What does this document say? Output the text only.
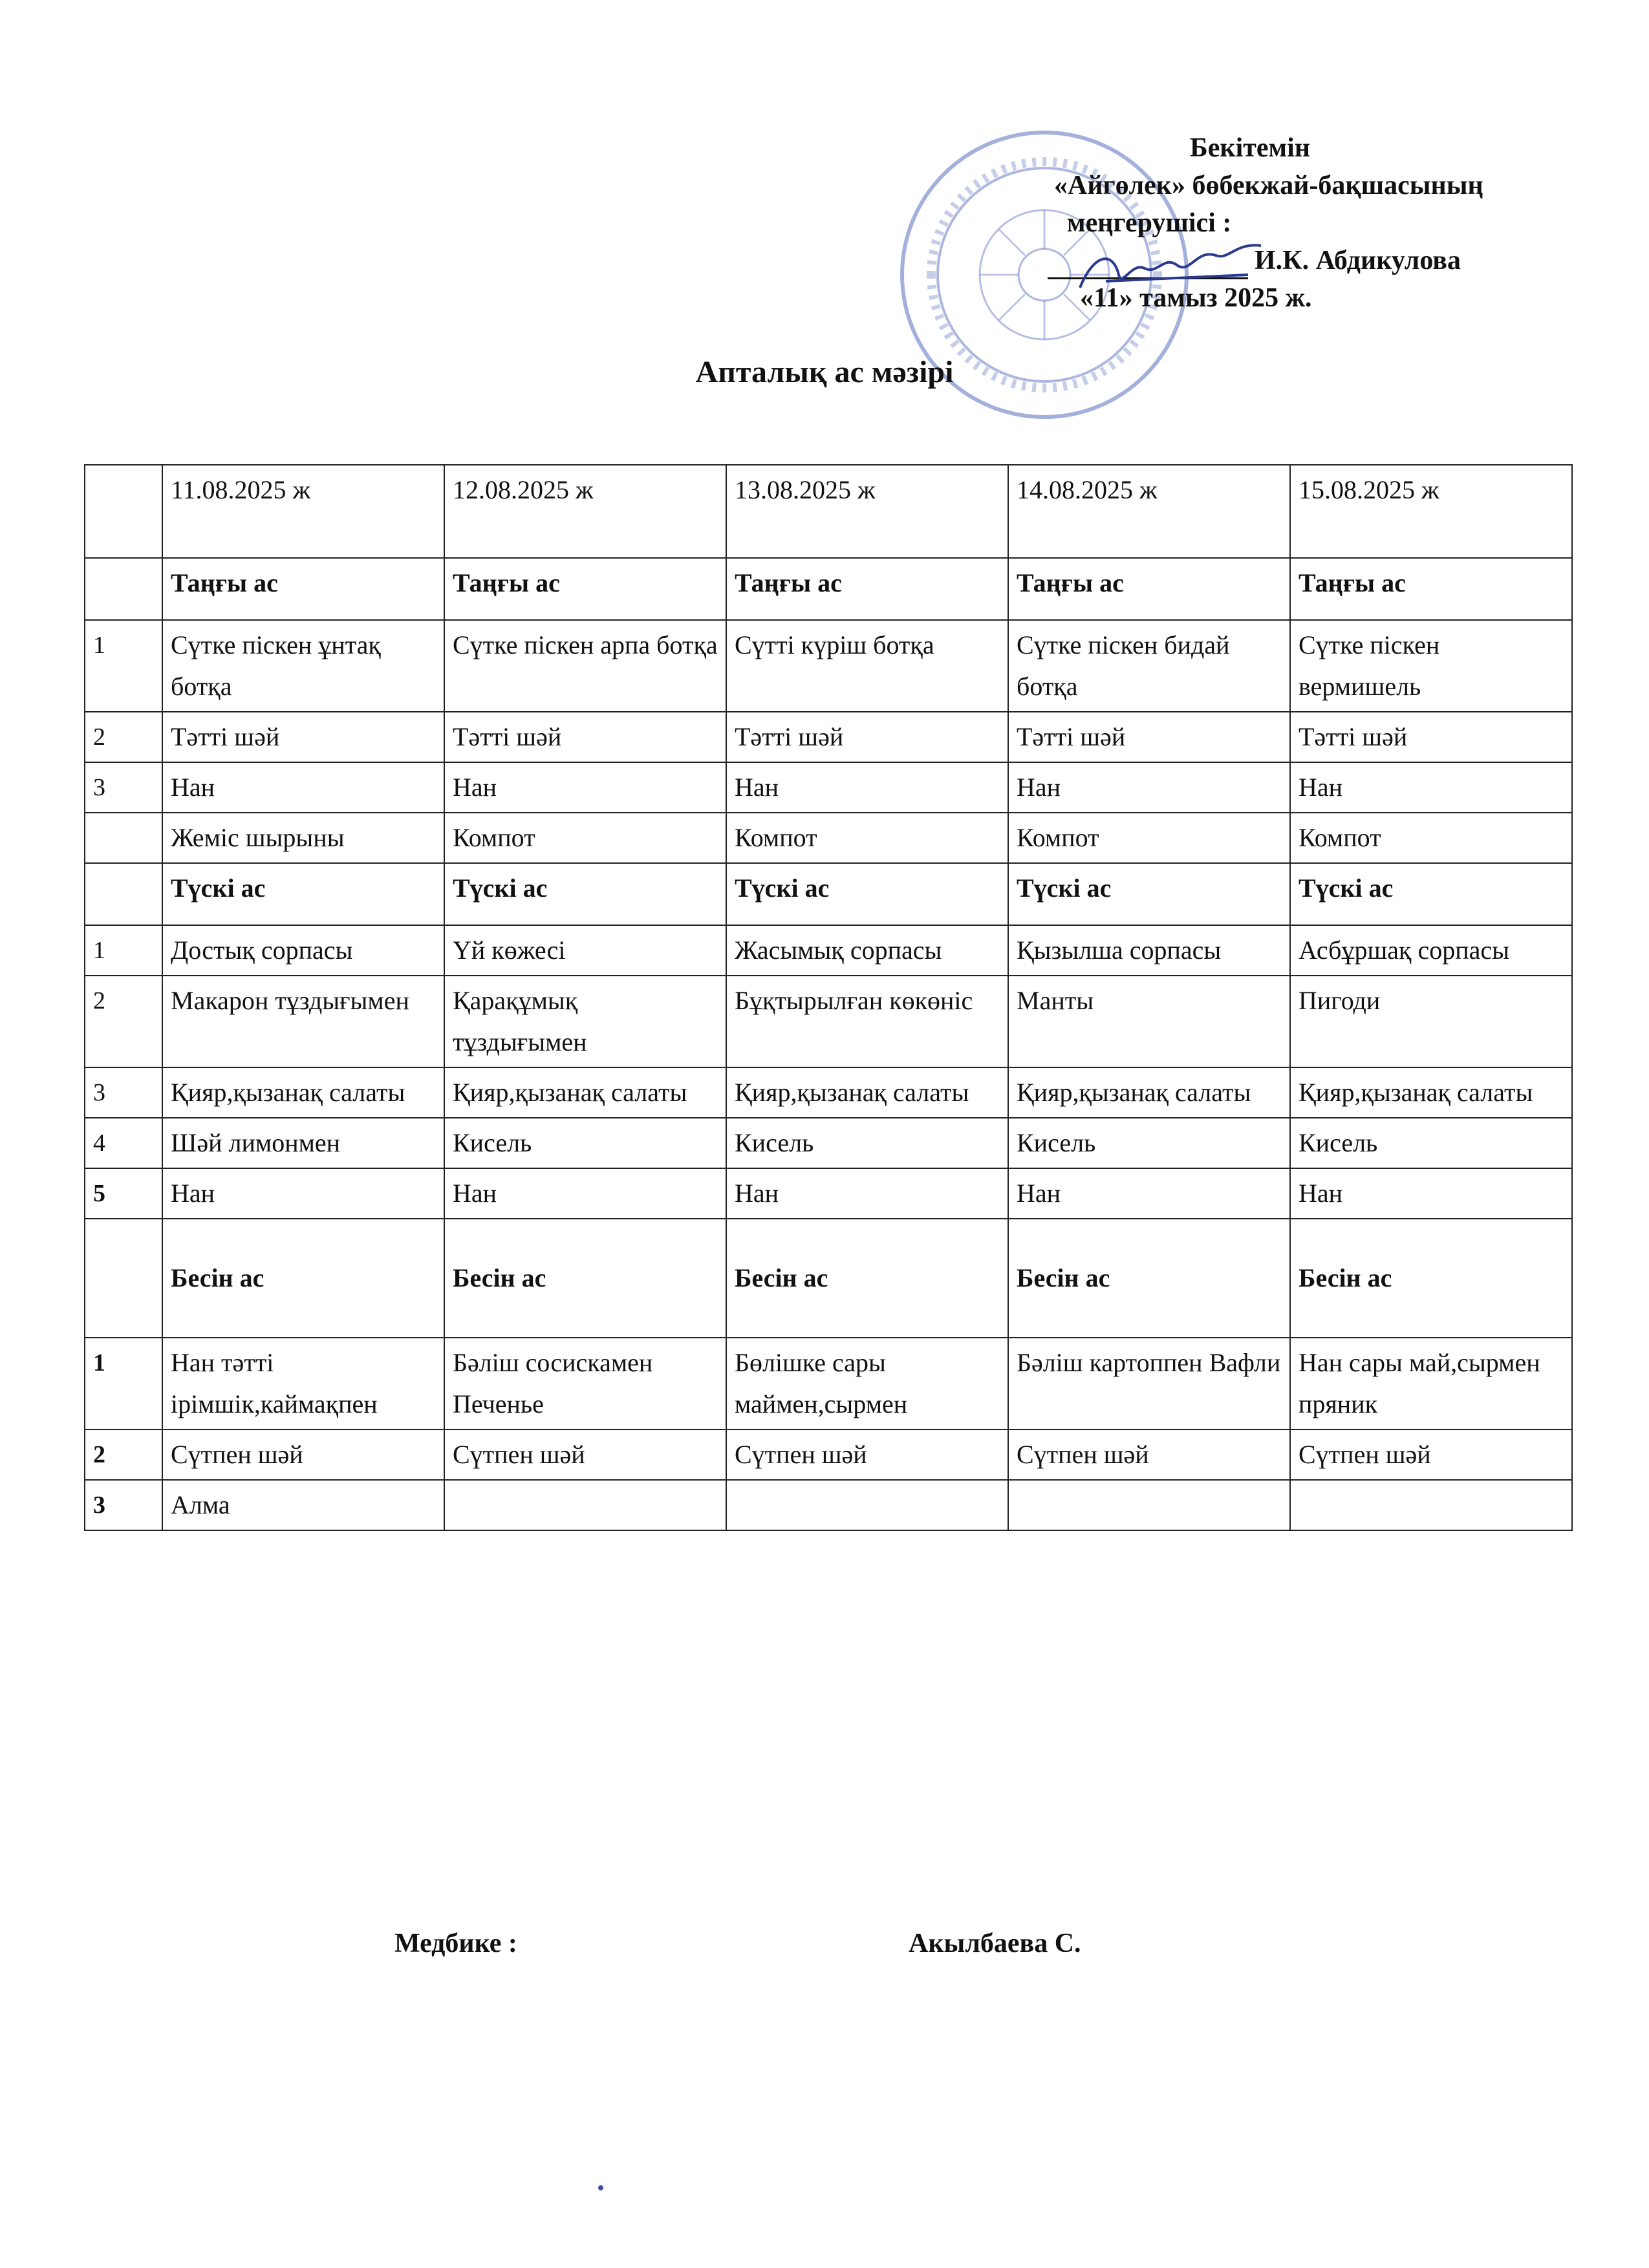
Бекітемін
«Айгөлек» бөбекжай-бақшасының
меңгерушісі :
И.К. Абдикулова
«11» тамыз 2025 ж.
Апталық ас мәзірі
	11.08.2025 ж	12.08.2025 ж	13.08.2025 ж	14.08.2025 ж	15.08.2025 ж
	Таңғы ас	Таңғы ас	Таңғы ас	Таңғы ас	Таңғы ас
1	Сүтке піскен ұнтақ ботқа	Сүтке піскен арпа ботқа	Сүтті күріш ботқа	Сүтке піскен бидай ботқа	Сүтке піскен вермишель
2	Тәтті шәй	Тәтті шәй	Тәтті шәй	Тәтті шәй	Тәтті шәй
3	Нан	Нан	Нан	Нан	Нан
	Жеміс шырыны	Компот	Компот	Компот	Компот
	Түскі ас	Түскі ас	Түскі ас	Түскі ас	Түскі ас
1	Достық сорпасы	Үй көжесі	Жасымық сорпасы	Қызылша сорпасы	Асбұршақ сорпасы
2	Макарон тұздығымен	Қарақұмық тұздығымен	Бұқтырылған көкөніс	Манты	Пигоди
3	Қияр,қызанақ салаты	Қияр,қызанақ салаты	Қияр,қызанақ салаты	Қияр,қызанақ салаты	Қияр,қызанақ салаты
4	Шәй лимонмен	Кисель	Кисель	Кисель	Кисель
5	Нан	Нан	Нан	Нан	Нан
	Бесін ас	Бесін ас	Бесін ас	Бесін ас	Бесін ас
1	Нан тәтті ірімшік,каймақпен	Бәліш сосискамен Печенье	Бөлішке сары маймен,сырмен	Бәліш картоппен Вафли	Нан сары май,сырмен пряник
2	Сүтпен шәй	Сүтпен шәй	Сүтпен шәй	Сүтпен шәй	Сүтпен шәй
3	Алма				
Медбике :	Акылбаева С.
